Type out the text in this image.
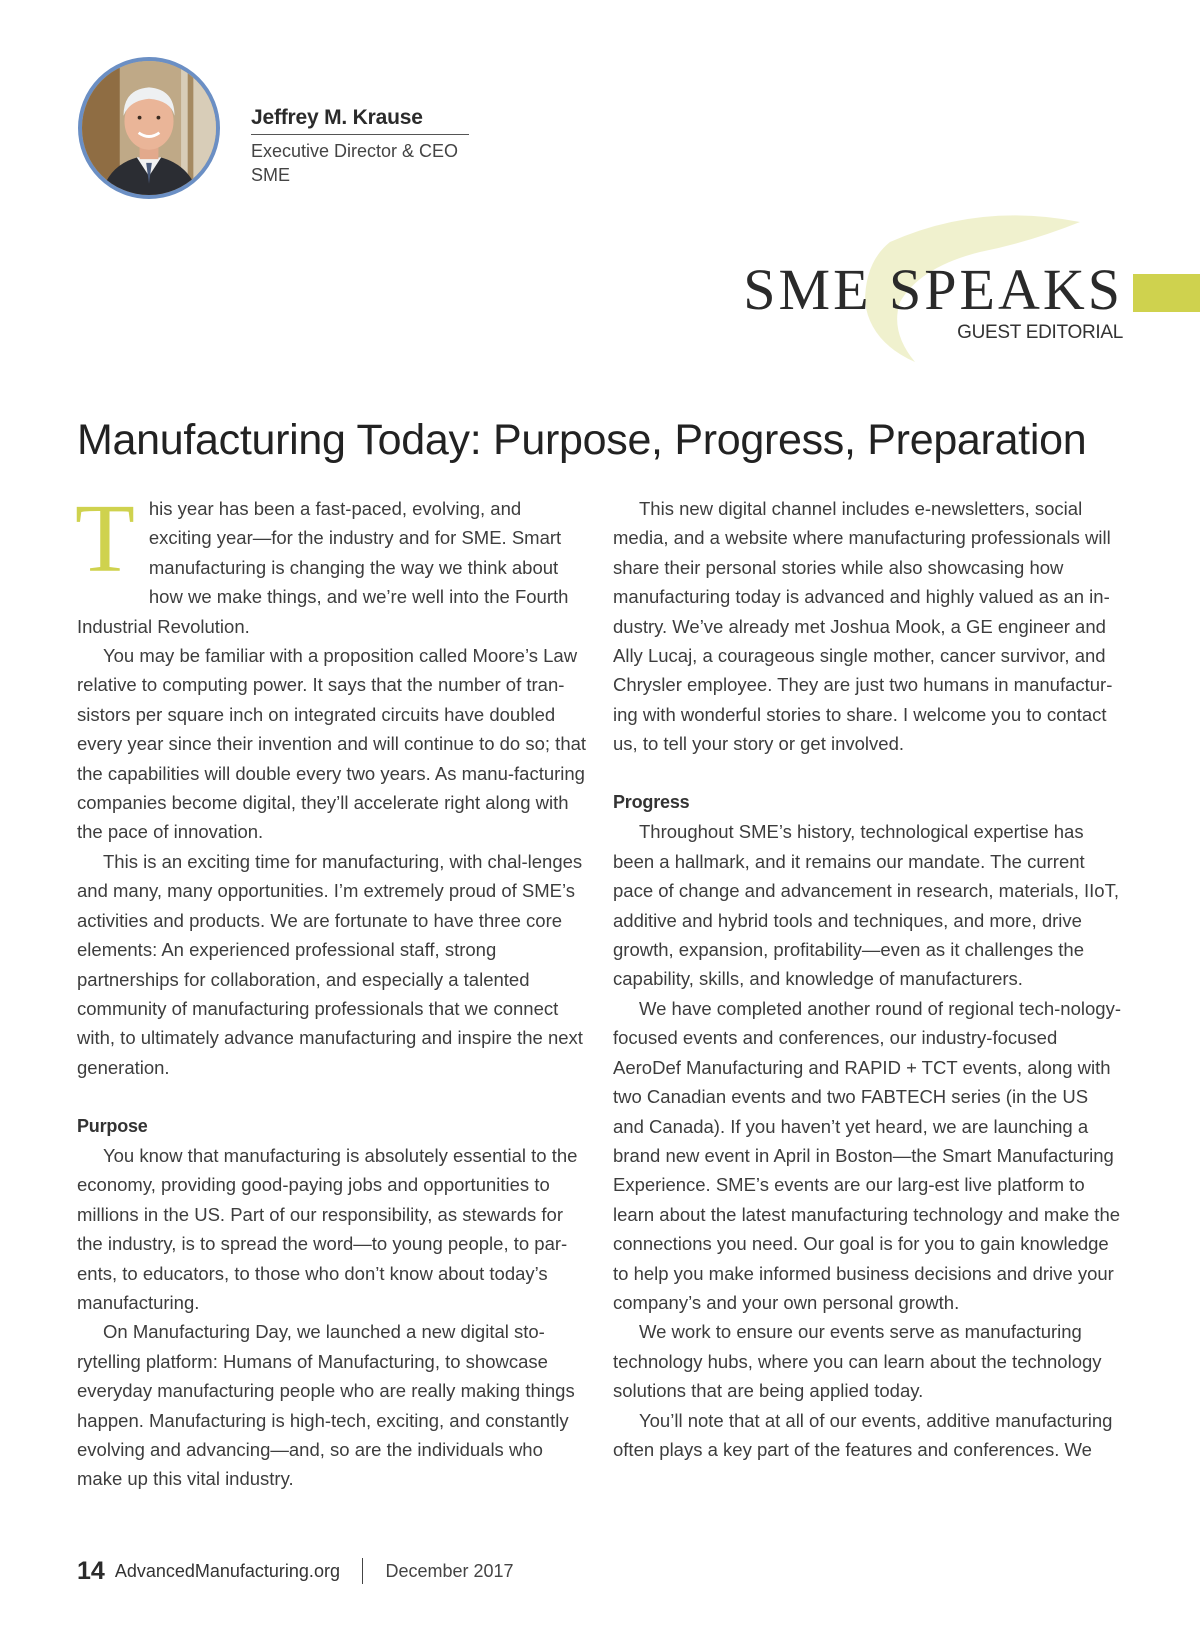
Jeffrey M. Krause
Executive Director & CEO
SME
SME SPEAKS
GUEST EDITORIAL
Manufacturing Today: Purpose, Progress, Preparation

This year has been a fast-paced, evolving, and exciting year—for the industry and for SME. Smart manufacturing is changing the way we think about how we make things, and we’re well into the Fourth Industrial Revolution.

You may be familiar with a proposition called Moore’s Law relative to computing power. It says that the number of tran-sistors per square inch on integrated circuits have doubled every year since their invention and will continue to do so; that the capabilities will double every two years. As manu-facturing companies become digital, they’ll accelerate right along with the pace of innovation.

This is an exciting time for manufacturing, with chal-lenges and many, many opportunities. I’m extremely proud of SME’s activities and products. We are fortunate to have three core elements: An experienced professional staff, strong partnerships for collaboration, and especially a talented community of manufacturing professionals that we connect with, to ultimately advance manufacturing and inspire the next generation.

Purpose

You know that manufacturing is absolutely essential to the economy, providing good-paying jobs and opportunities to millions in the US. Part of our responsibility, as stewards for the industry, is to spread the word—to young people, to par-ents, to educators, to those who don’t know about today’s manufacturing.

On Manufacturing Day, we launched a new digital sto-rytelling platform: Humans of Manufacturing, to showcase everyday manufacturing people who are really making things happen. Manufacturing is high-tech, exciting, and constantly evolving and advancing—and, so are the individuals who make up this vital industry.

This new digital channel includes e-newsletters, social media, and a website where manufacturing professionals will share their personal stories while also showcasing how manufacturing today is advanced and highly valued as an in-dustry. We’ve already met Joshua Mook, a GE engineer and Ally Lucaj, a courageous single mother, cancer survivor, and Chrysler employee. They are just two humans in manufactur-ing with wonderful stories to share. I welcome you to contact us, to tell your story or get involved.

Progress

Throughout SME’s history, technological expertise has been a hallmark, and it remains our mandate. The current pace of change and advancement in research, materials, IIoT, additive and hybrid tools and techniques, and more, drive growth, expansion, profitability—even as it challenges the capability, skills, and knowledge of manufacturers.

We have completed another round of regional tech-nology-focused events and conferences, our industry-focused AeroDef Manufacturing and RAPID + TCT events, along with two Canadian events and two FABTECH series (in the US and Canada). If you haven’t yet heard, we are launching a brand new event in April in Boston—the Smart Manufacturing Experience. SME’s events are our larg-est live platform to learn about the latest manufacturing technology and make the connections you need. Our goal is for you to gain knowledge to help you make informed business decisions and drive your company’s and your own personal growth.

We work to ensure our events serve as manufacturing technology hubs, where you can learn about the technology solutions that are being applied today.

You’ll note that at all of our events, additive manufacturing often plays a key part of the features and conferences. We

14 AdvancedManufacturing.org	December 2017
